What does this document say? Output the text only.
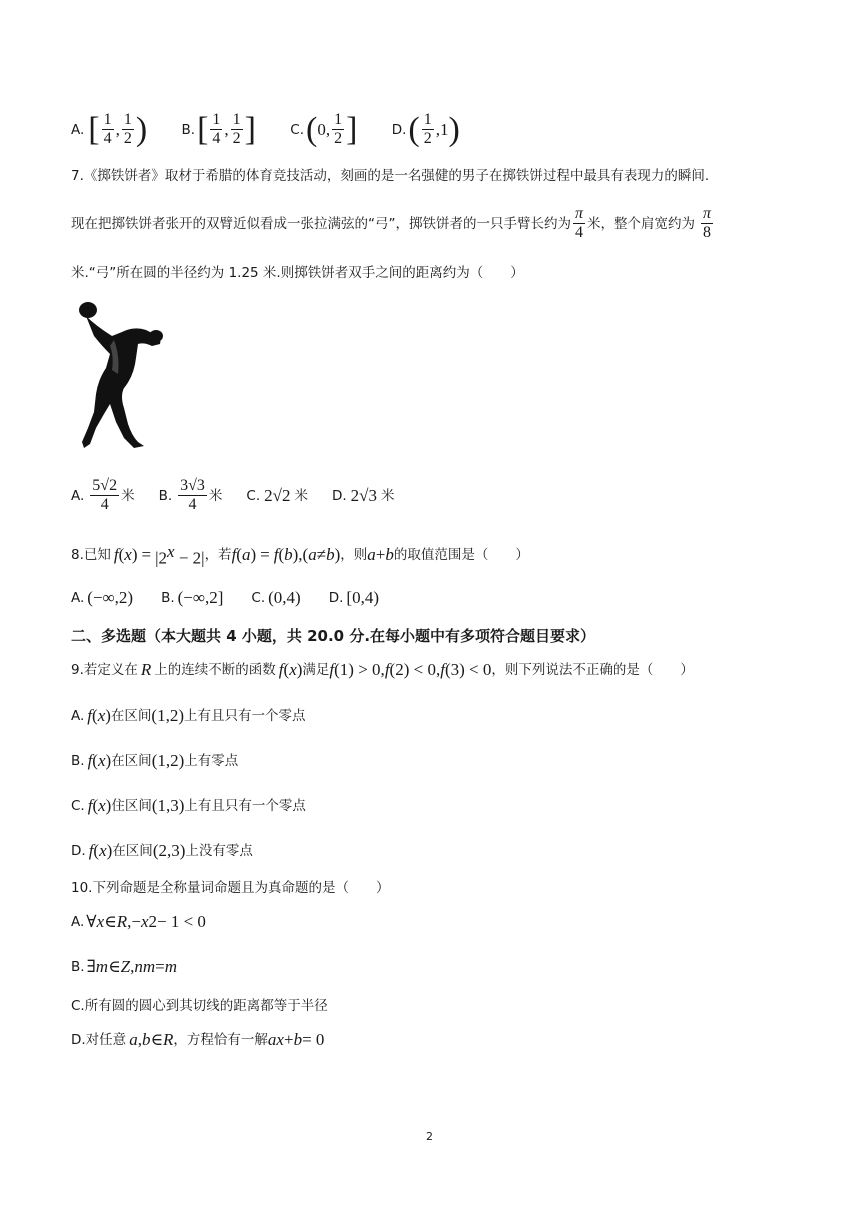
A. [ $\frac{1}{4}$ , $\frac{1}{2}$ )
	B. [ $\frac{1}{4}$ , $\frac{1}{2}$ ]
	C. ( 0, $\frac{1}{2}$ ]
	D. ( $\frac{1}{2} ,1$ )
7.《掷铁饼者》取材于希腊的体育竞技活动，刻画的是一名强健的男子在掷铁饼过程中最具有表现力的瞬间.
现在把掷铁饼者张开的双臂近似看成一张拉满弦的“弓”，掷铁饼者的一只手臂长约为 $\frac{\pi}{4}$ 米，整个肩宽约为 $\frac{\pi}{8}$
米.“弓”所在圆的半径约为 1.25 米.则掷铁饼者双手之间的距离约为（　　）
A. $\frac{5√2}{4}$ 米 B. $\frac{3√3}{4}$ 米 C. 2√2 米 D. 2√3 米
8.已知 f ( x ) = $|2^x - 2|$ ，若 f ( a ) = f ( b ),( a ≠ b ) ，则 a + b 的取值范围是（　　）
A. (−∞,2) B. (−∞,2] C. (0,4) D. [0,4)
二、多选题（本大题共 4 小题，共 20.0 分.在每小题中有多项符合题目要求）
9.若定义在 R 上的连续不断的函数 f ( x ) 满足 f (1) > 0, f (2) < 0, f (3) < 0 ，则下列说法不正确的是（　　）
A. f ( x ) 在区间 (1,2) 上有且只有一个零点
B. f ( x ) 在区间 (1,2) 上有零点
C. f ( x ) 住区间 (1,3) 上有且只有一个零点
D. f ( x ) 在区间 (2,3) 上没有零点
10.下列命题是全称量词命题且为真命题的是（　　）
A. ∀ x ∈ R ,− x 2 − 1 < 0
B. ∃ m ∈ Z , nm = m
C.所有圆的圆心到其切线的距离都等于半径
D.对任意 a , b ∈ R ，方程恰有一解 ax + b = 0
2
